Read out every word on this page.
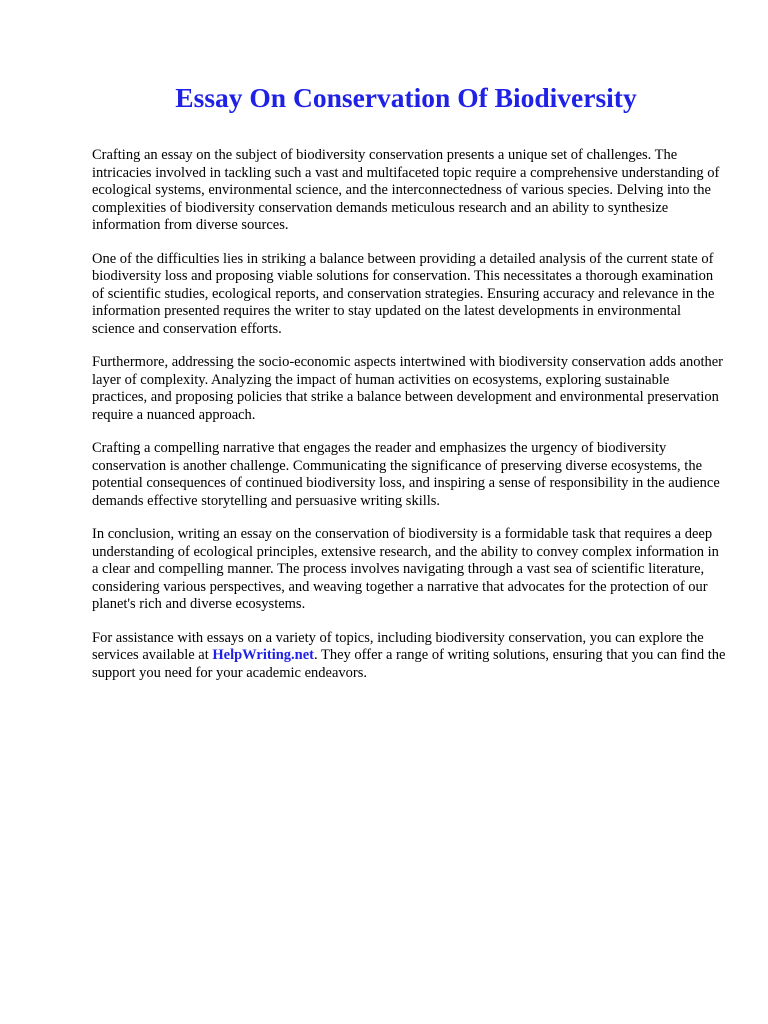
Essay On Conservation Of Biodiversity

Crafting an essay on the subject of biodiversity conservation presents a unique set of challenges. The intricacies involved in tackling such a vast and multifaceted topic require a comprehensive understanding of ecological systems, environmental science, and the interconnectedness of various species. Delving into the complexities of biodiversity conservation demands meticulous research and an ability to synthesize information from diverse sources.

One of the difficulties lies in striking a balance between providing a detailed analysis of the current state of biodiversity loss and proposing viable solutions for conservation. This necessitates a thorough examination of scientific studies, ecological reports, and conservation strategies. Ensuring accuracy and relevance in the information presented requires the writer to stay updated on the latest developments in environmental science and conservation efforts.

Furthermore, addressing the socio-economic aspects intertwined with biodiversity conservation adds another layer of complexity. Analyzing the impact of human activities on ecosystems, exploring sustainable practices, and proposing policies that strike a balance between development and environmental preservation require a nuanced approach.

Crafting a compelling narrative that engages the reader and emphasizes the urgency of biodiversity conservation is another challenge. Communicating the significance of preserving diverse ecosystems, the potential consequences of continued biodiversity loss, and inspiring a sense of responsibility in the audience demands effective storytelling and persuasive writing skills.

In conclusion, writing an essay on the conservation of biodiversity is a formidable task that requires a deep understanding of ecological principles, extensive research, and the ability to convey complex information in a clear and compelling manner. The process involves navigating through a vast sea of scientific literature, considering various perspectives, and weaving together a narrative that advocates for the protection of our planet's rich and diverse ecosystems.

For assistance with essays on a variety of topics, including biodiversity conservation, you can explore the services available at HelpWriting.net. They offer a range of writing solutions, ensuring that you can find the support you need for your academic endeavors.
